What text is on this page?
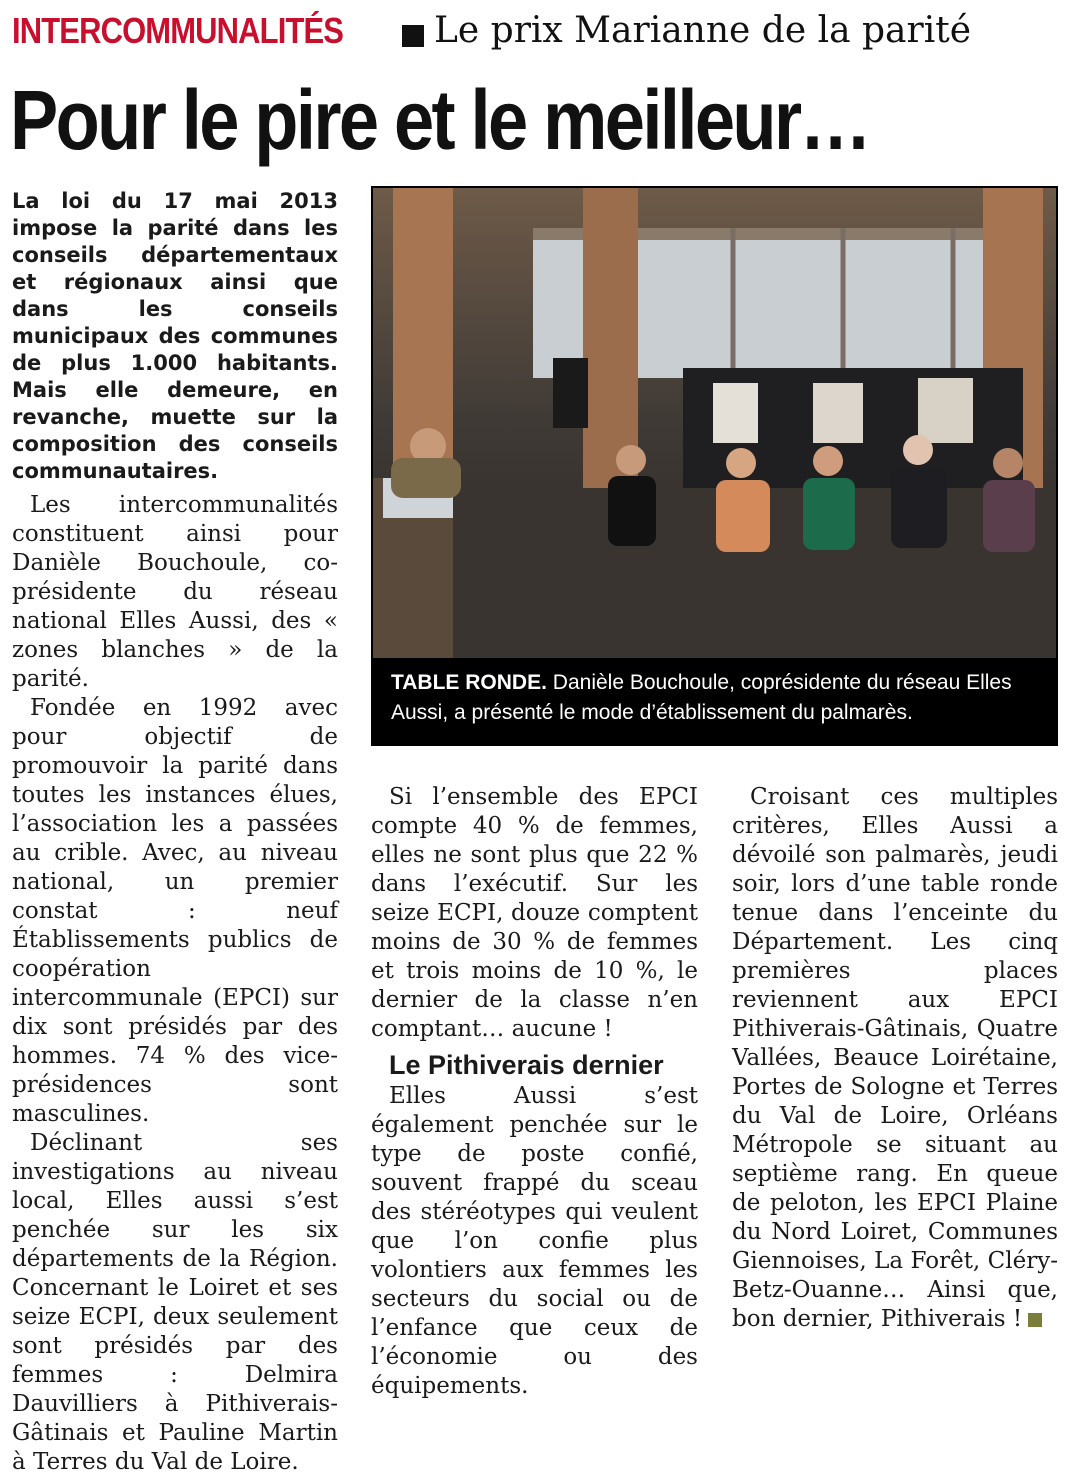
INTERCOMMUNALITÉS	Le prix Marianne de la parité
Pour le pire et le meilleur…
La loi du 17 mai 2013 impose la parité dans les conseils départementaux et régionaux ainsi que dans les conseils municipaux des communes de plus 1.000 habitants. Mais elle demeure, en revanche, muette sur la composition des conseils communautaires.

Les intercommunalités constituent ainsi pour Danièle Bouchoule, co-présidente du réseau national Elles Aussi, des « zones blanches » de la parité.

Fondée en 1992 avec pour objectif de promouvoir la parité dans toutes les instances élues, l’association les a passées au crible. Avec, au niveau national, un premier constat : neuf Établissements publics de coopération intercommunale (EPCI) sur dix sont présidés par des hommes. 74 % des vice-présidences sont masculines.

Déclinant ses investigations au niveau local, Elles aussi s’est penchée sur les six départements de la Région. Concernant le Loiret et ses seize ECPI, deux seulement sont présidés par des femmes : Delmira Dauvilliers à Pithiverais-Gâtinais et Pauline Martin à Terres du Val de Loire.

TABLE RONDE. Danièle Bouchoule, coprésidente du réseau Elles Aussi, a présenté le mode d’établissement du palmarès.

Si l’ensemble des EPCI compte 40 % de femmes, elles ne sont plus que 22 % dans l’exécutif. Sur les seize ECPI, douze comptent moins de 30 % de femmes et trois moins de 10 %, le dernier de la classe n’en comptant… aucune !

Le Pithiverais dernier

Elles Aussi s’est également penchée sur le type de poste confié, souvent frappé du sceau des stéréotypes qui veulent que l’on confie plus volontiers aux femmes les secteurs du social ou de l’enfance que ceux de l’économie ou des équipements.

Croisant ces multiples critères, Elles Aussi a dévoilé son palmarès, jeudi soir, lors d’une table ronde tenue dans l’enceinte du Département. Les cinq premières places reviennent aux EPCI Pithiverais-Gâtinais, Quatre Vallées, Beauce Loirétaine, Portes de Sologne et Terres du Val de Loire, Orléans Métropole se situant au septième rang. En queue de peloton, les EPCI Plaine du Nord Loiret, Communes Giennoises, La Forêt, Cléry-Betz-Ouanne… Ainsi que, bon dernier, Pithiverais !
